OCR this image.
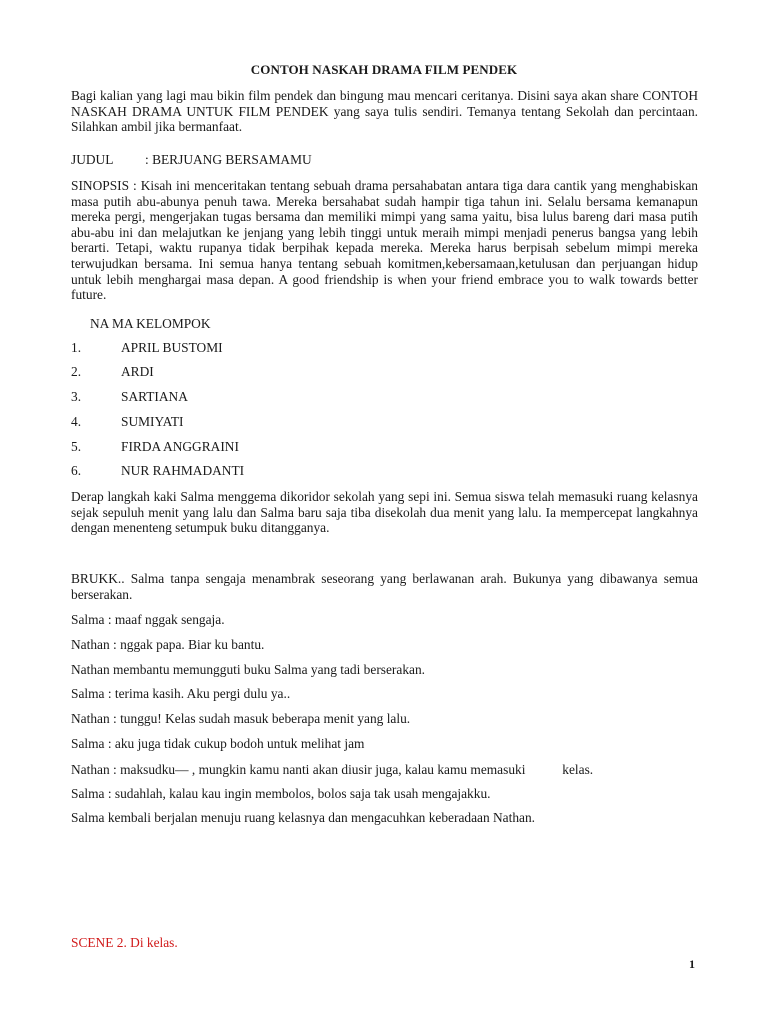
CONTOH NASKAH DRAMA FILM PENDEK
Bagi kalian yang lagi mau bikin film pendek dan bingung mau mencari ceritanya. Disini saya akan share CONTOH NASKAH DRAMA UNTUK FILM PENDEK yang saya tulis sendiri. Temanya tentang Sekolah dan percintaan. Silahkan ambil jika bermanfaat.
JUDUL : BERJUANG BERSAMAMU
SINOPSIS : Kisah ini menceritakan tentang sebuah drama persahabatan antara tiga dara cantik yang menghabiskan masa putih abu-abunya penuh tawa. Mereka bersahabat sudah hampir tiga tahun ini. Selalu bersama kemanapun mereka pergi, mengerjakan tugas bersama dan memiliki mimpi yang sama yaitu, bisa lulus bareng dari masa putih abu-abu ini dan melajutkan ke jenjang yang lebih tinggi untuk meraih mimpi menjadi penerus bangsa yang lebih berarti. Tetapi, waktu rupanya tidak berpihak kepada mereka. Mereka harus berpisah sebelum mimpi mereka terwujudkan bersama. Ini semua hanya tentang sebuah komitmen,kebersamaan,ketulusan dan perjuangan hidup untuk lebih menghargai masa depan. A good friendship is when your friend embrace you to walk towards better future.
NA MA KELOMPOK
1.	APRIL BUSTOMI
2.	ARDI
3.	SARTIANA
4.	SUMIYATI
5.	FIRDA ANGGRAINI
6.	NUR RAHMADANTI
Derap langkah kaki Salma menggema dikoridor sekolah yang sepi ini. Semua siswa telah memasuki ruang kelasnya sejak sepuluh menit yang lalu dan Salma baru saja tiba disekolah dua menit yang lalu. Ia mempercepat langkahnya dengan menenteng setumpuk buku ditangganya.
BRUKK.. Salma tanpa sengaja menambrak seseorang yang berlawanan arah. Bukunya yang dibawanya semua berserakan.
Salma : maaf nggak sengaja.
Nathan : nggak papa. Biar ku bantu.
Nathan membantu memungguti buku Salma yang tadi berserakan.
Salma : terima kasih. Aku pergi dulu ya..
Nathan : tunggu! Kelas sudah masuk beberapa menit yang lalu.
Salma : aku juga tidak cukup bodoh untuk melihat jam
Nathan : maksudku— , mungkin kamu nanti akan diusir juga, kalau kamu memasuki           kelas.
Salma : sudahlah, kalau kau ingin membolos, bolos saja tak usah mengajakku.
Salma kembali berjalan menuju ruang kelasnya dan mengacuhkan keberadaan Nathan.
SCENE 2. Di kelas.
1
